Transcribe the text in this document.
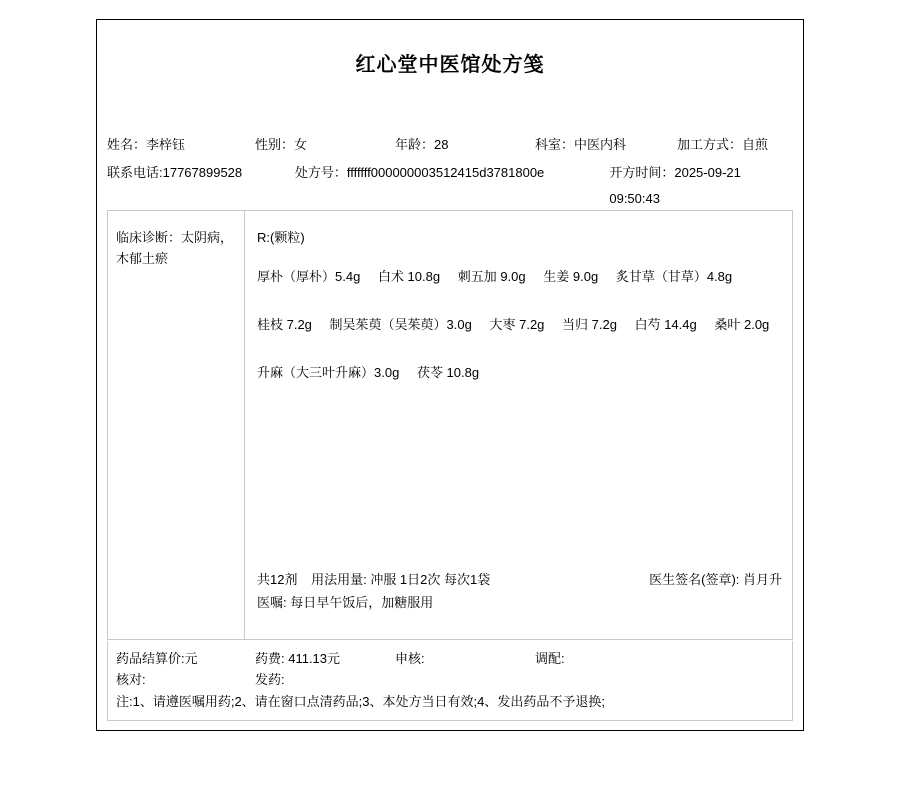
红心堂中医馆处方笺
姓名：李梓钰	性别：女	年龄：28	科室：中医内科	加工方式：自煎
联系电话:17767899528	处方号：fffffff000000003512415d3781800e	开方时间：2025-09-21 09:50:43
临床诊断：太阴病，
木郁土瘀
R:(颗粒)
厚朴（厚朴）5.4g 白术 10.8g 刺五加 9.0g 生姜 9.0g 炙甘草（甘草）4.8g
桂枝 7.2g 制吴茱萸（吴茱萸）3.0g 大枣 7.2g 当归 7.2g 白芍 14.4g 桑叶 2.0g
升麻（大三叶升麻）3.0g 茯苓 10.8g
共12剂 用法用量: 冲服 1日2次 每次1袋	医生签名(签章): 肖月升
医嘱: 每日早午饭后，加糖服用
药品结算价:元	药费: 411.13元	申核:	调配:
核对:	发药:
注:1、请遵医嘱用药;2、请在窗口点清药品;3、本处方当日有效;4、发出药品不予退换;
